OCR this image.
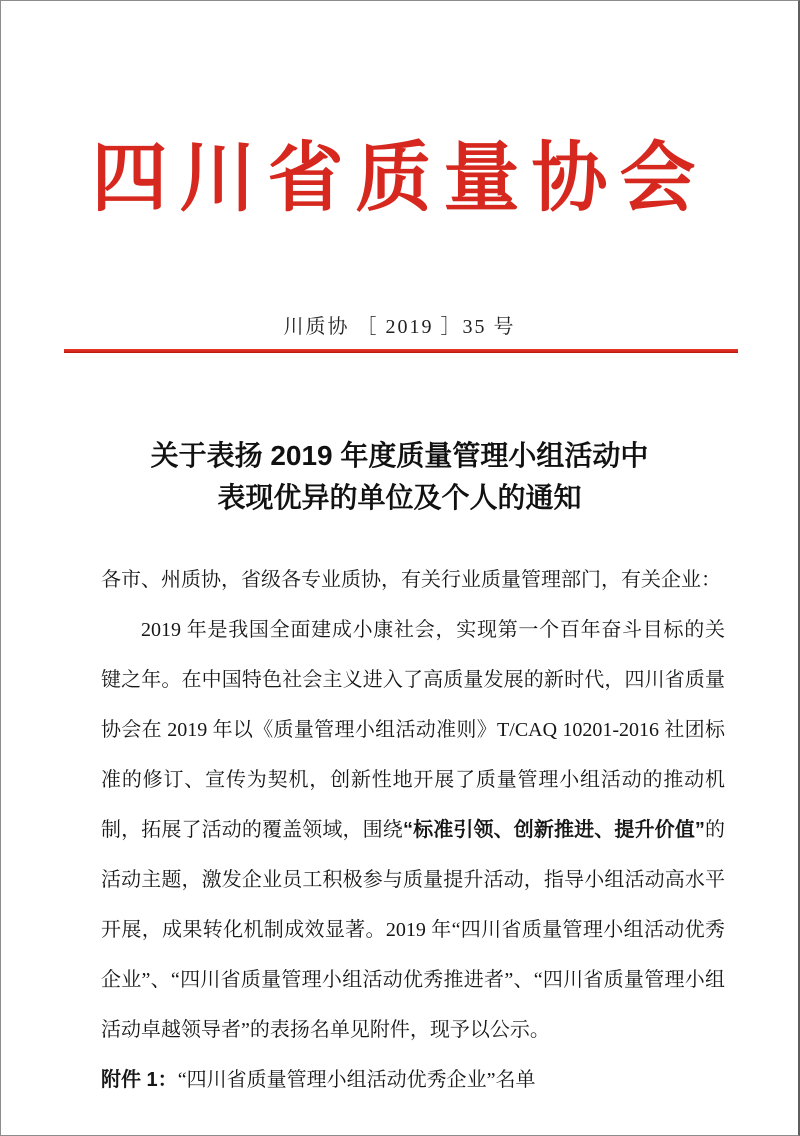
四川省质量协会
川质协 ［ 2019 ］35 号
关于表扬 2019 年度质量管理小组活动中
表现优异的单位及个人的通知

各市、州质协，省级各专业质协，有关行业质量管理部门，有关企业：

2019 年是我国全面建成小康社会，实现第一个百年奋斗目标的关键之年。在中国特色社会主义进入了高质量发展的新时代，四川省质量协会在 2019 年以《质量管理小组活动准则》T/CAQ 10201-2016 社团标准的修订、宣传为契机，创新性地开展了质量管理小组活动的推动机制，拓展了活动的覆盖领域，围绕“标准引领、创新推进、提升价值”的活动主题，激发企业员工积极参与质量提升活动，指导小组活动高水平开展，成果转化机制成效显著。2019 年“四川省质量管理小组活动优秀企业”、“四川省质量管理小组活动优秀推进者”、“四川省质量管理小组活动卓越领导者”的表扬名单见附件，现予以公示。

附件 1：“四川省质量管理小组活动优秀企业”名单
